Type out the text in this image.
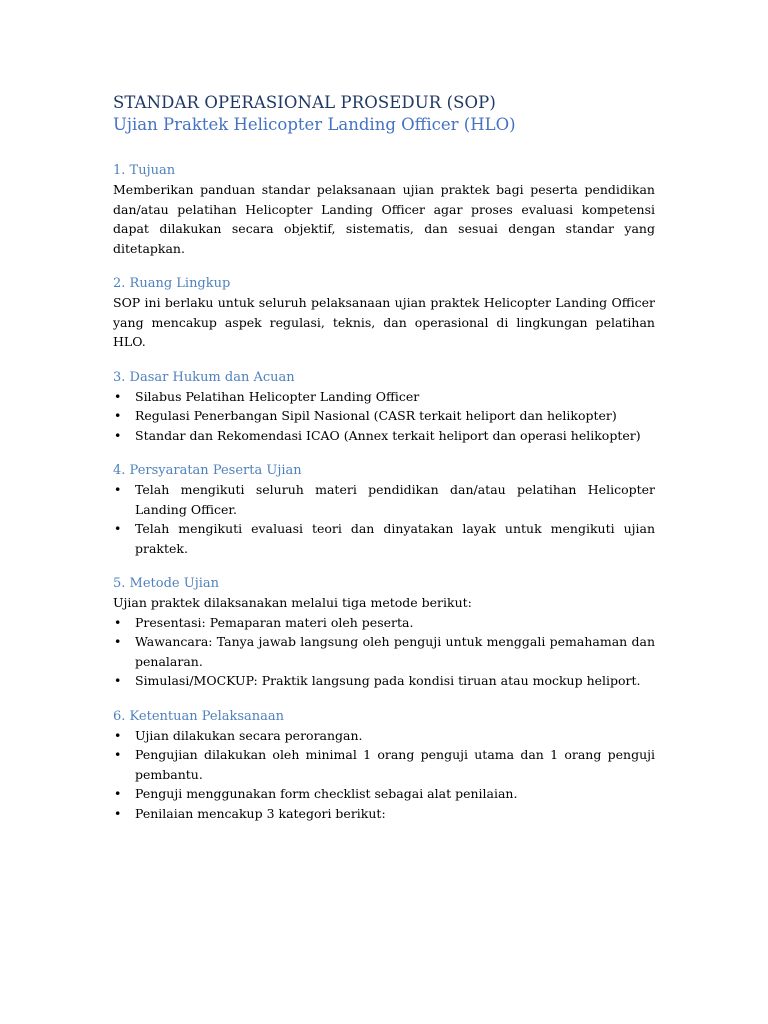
STANDAR OPERASIONAL PROSEDUR (SOP)
Ujian Praktek Helicopter Landing Officer (HLO)
1. Tujuan

Memberikan panduan standar pelaksanaan ujian praktek bagi peserta pendidikan dan/atau pelatihan Helicopter Landing Officer agar proses evaluasi kompetensi dapat dilakukan secara objektif, sistematis, dan sesuai dengan standar yang ditetapkan.

2. Ruang Lingkup

SOP ini berlaku untuk seluruh pelaksanaan ujian praktek Helicopter Landing Officer yang mencakup aspek regulasi, teknis, dan operasional di lingkungan pelatihan HLO.

3. Dasar Hukum dan Acuan
• Silabus Pelatihan Helicopter Landing Officer
• Regulasi Penerbangan Sipil Nasional (CASR terkait heliport dan helikopter)
• Standar dan Rekomendasi ICAO (Annex terkait heliport dan operasi helikopter)
4. Persyaratan Peserta Ujian
• Telah mengikuti seluruh materi pendidikan dan/atau pelatihan Helicopter Landing Officer.
• Telah mengikuti evaluasi teori dan dinyatakan layak untuk mengikuti ujian praktek.
5. Metode Ujian

Ujian praktek dilaksanakan melalui tiga metode berikut:

• Presentasi: Pemaparan materi oleh peserta.
• Wawancara: Tanya jawab langsung oleh penguji untuk menggali pemahaman dan penalaran.
• Simulasi/MOCKUP: Praktik langsung pada kondisi tiruan atau mockup heliport.
6. Ketentuan Pelaksanaan
• Ujian dilakukan secara perorangan.
• Pengujian dilakukan oleh minimal 1 orang penguji utama dan 1 orang penguji pembantu.
• Penguji menggunakan form checklist sebagai alat penilaian.
• Penilaian mencakup 3 kategori berikut:
